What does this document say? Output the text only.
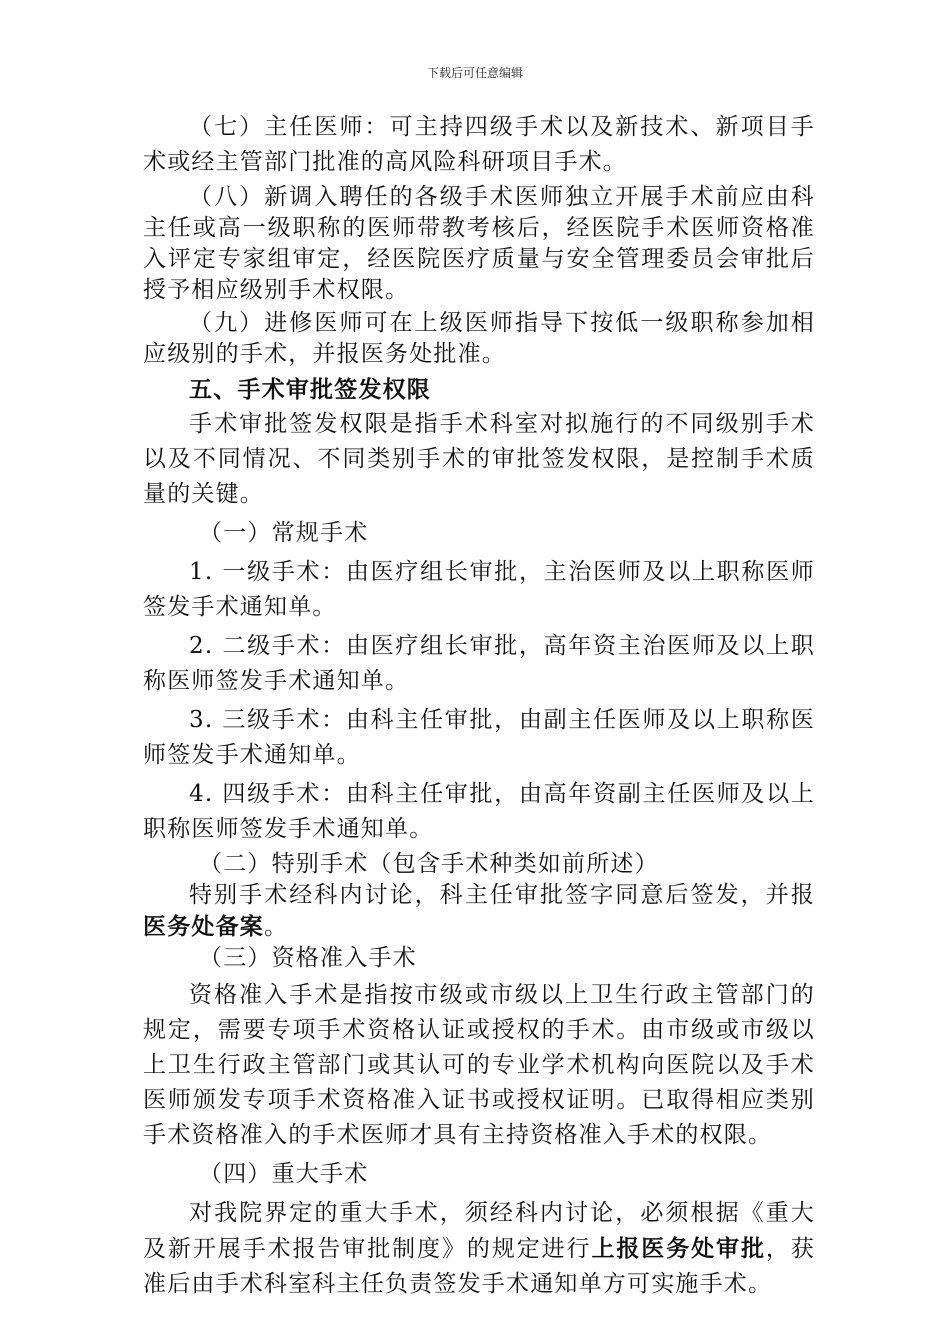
下载后可任意编辑

（七）主任医师：可主持四级手术以及新技术、新项目手术或经主管部门批准的高风险科研项目手术。

（八）新调入聘任的各级手术医师独立开展手术前应由科主任或高一级职称的医师带教考核后，经医院手术医师资格准入评定专家组审定，经医院医疗质量与安全管理委员会审批后授予相应级别手术权限。

（九）进修医师可在上级医师指导下按低一级职称参加相应级别的手术，并报医务处批准。

五、手术审批签发权限

手术审批签发权限是指手术科室对拟施行的不同级别手术以及不同情况、不同类别手术的审批签发权限，是控制手术质量的关键。

（一）常规手术

1. 一级手术：由医疗组长审批，主治医师及以上职称医师签发手术通知单。

2. 二级手术：由医疗组长审批，高年资主治医师及以上职称医师签发手术通知单。

3. 三级手术：由科主任审批，由副主任医师及以上职称医师签发手术通知单。

4. 四级手术：由科主任审批，由高年资副主任医师及以上职称医师签发手术通知单。

（二）特别手术（包含手术种类如前所述）

特别手术经科内讨论，科主任审批签字同意后签发，并报医务处备案。

（三）资格准入手术

资格准入手术是指按市级或市级以上卫生行政主管部门的规定，需要专项手术资格认证或授权的手术。由市级或市级以上卫生行政主管部门或其认可的专业学术机构向医院以及手术医师颁发专项手术资格准入证书或授权证明。已取得相应类别手术资格准入的手术医师才具有主持资格准入手术的权限。

（四）重大手术

对我院界定的重大手术，须经科内讨论，必须根据《重大及新开展手术报告审批制度》的规定进行上报医务处审批，获准后由手术科室科主任负责签发手术通知单方可实施手术。
